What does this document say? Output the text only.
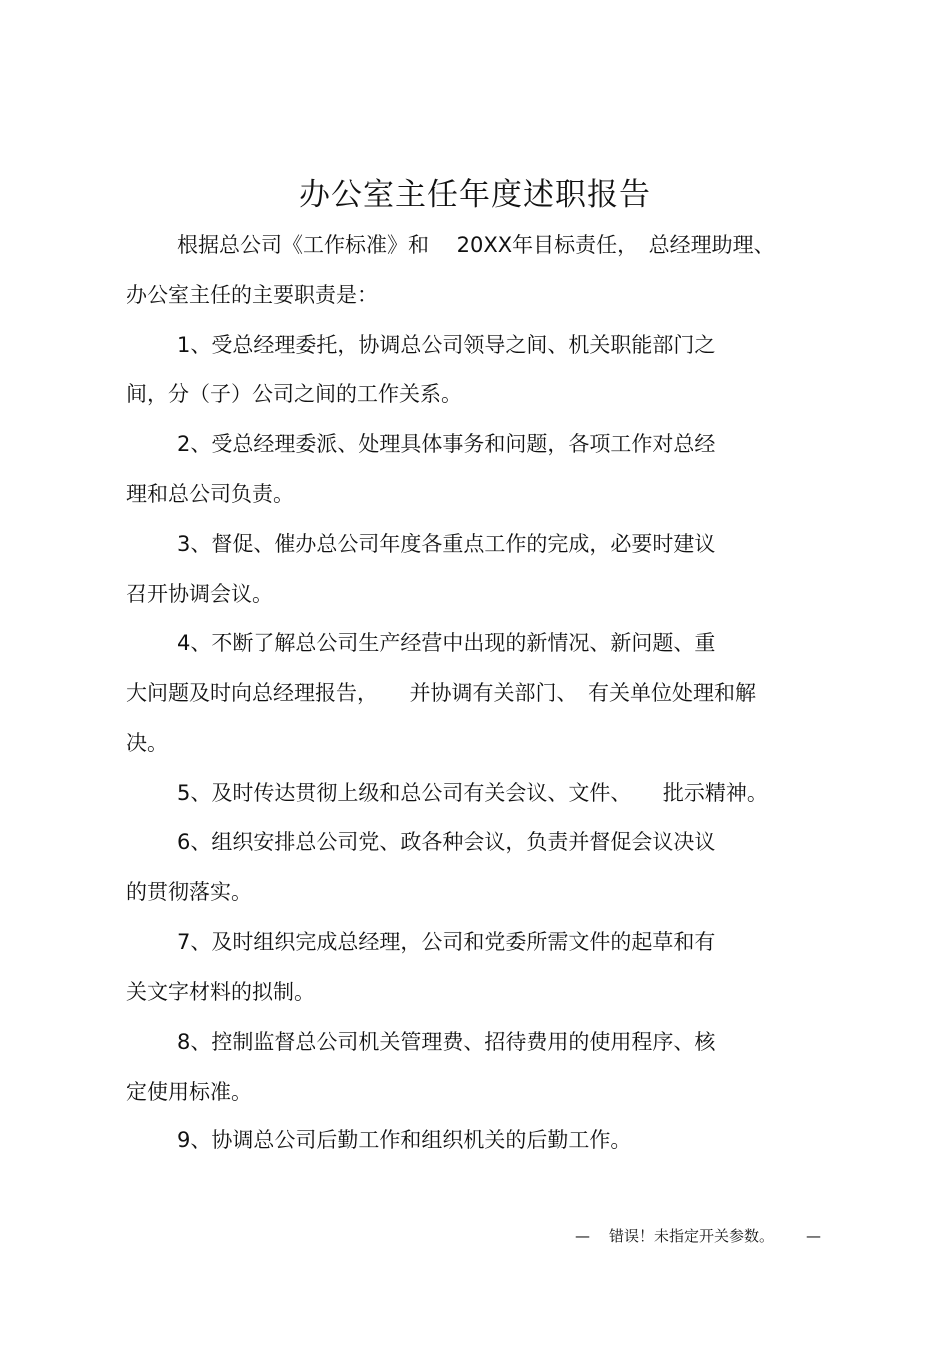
办公室主任年度述职报告

根据总公司《工作标准》和　 20XX年目标责任，　总经理助理、

办公室主任的主要职责是：

1、受总经理委托，协调总公司领导之间、机关职能部门之

间，分（子）公司之间的工作关系。

2、受总经理委派、处理具体事务和问题，各项工作对总经

理和总公司负责。

3、督促、催办总公司年度各重点工作的完成，必要时建议

召开协调会议。

4、不断了解总公司生产经营中出现的新情况、新问题、重

大问题及时向总经理报告，　　并协调有关部门、　有关单位处理和解

决。

5、及时传达贯彻上级和总公司有关会议、文件、　　批示精神。

6、组织安排总公司党、政各种会议，负责并督促会议决议

的贯彻落实。

7、及时组织完成总经理，公司和党委所需文件的起草和有

关文字材料的拟制。

8、控制监督总公司机关管理费、招待费用的使用程序、核

定使用标准。

9、协调总公司后勤工作和组织机关的后勤工作。

—	错误！未指定开关参数。 —
